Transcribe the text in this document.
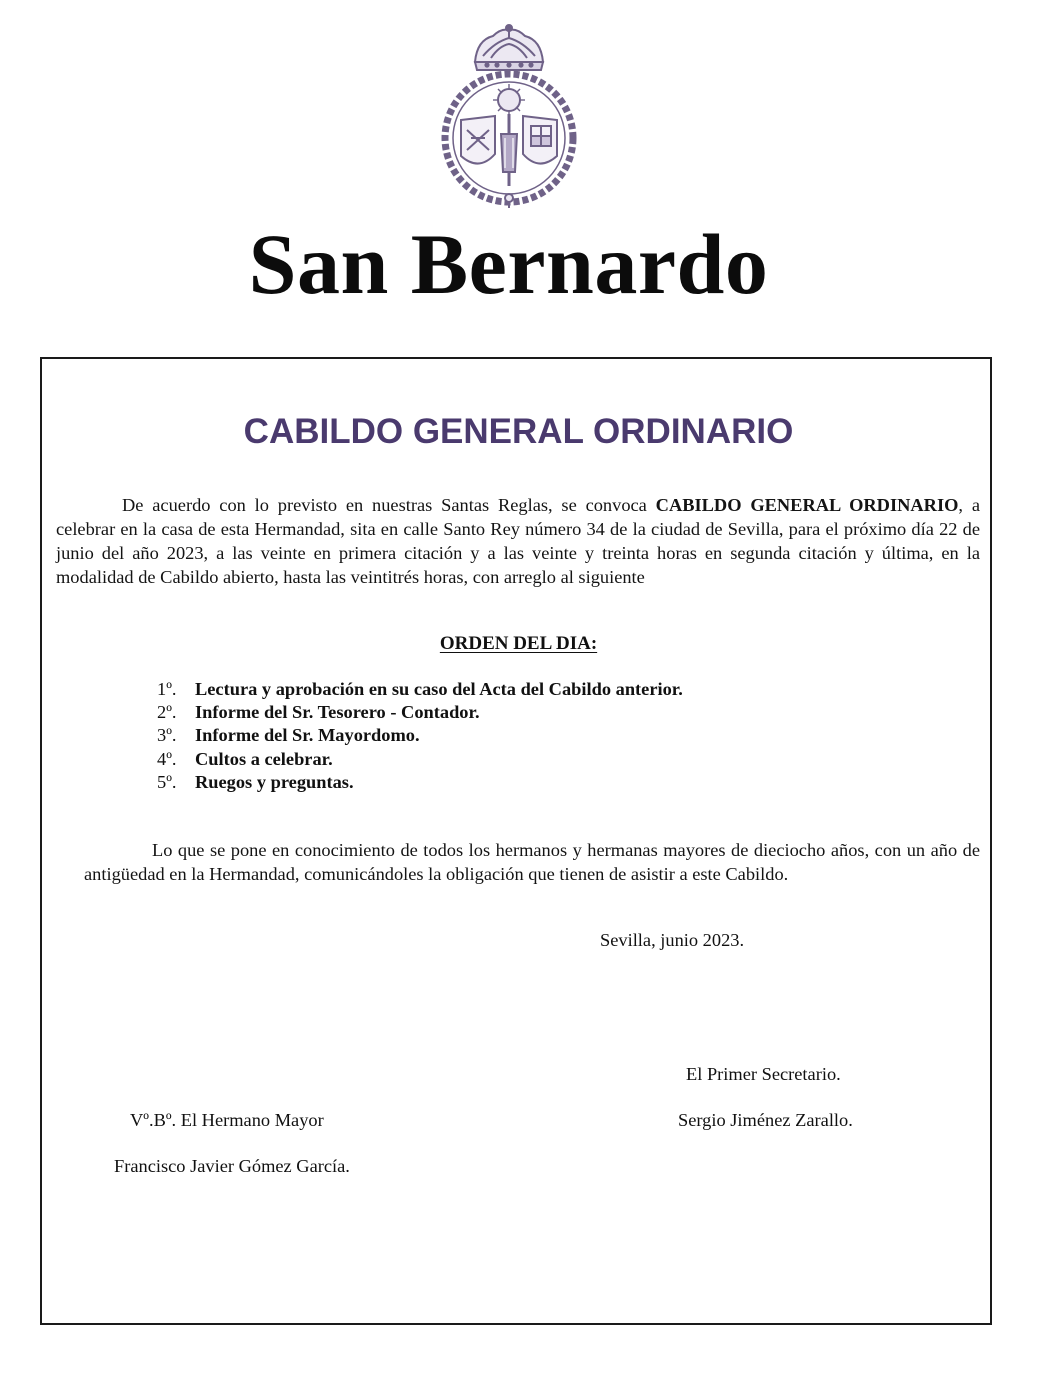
San Bernardo
CABILDO GENERAL ORDINARIO

De acuerdo con lo previsto en nuestras Santas Reglas, se convoca CABILDO GENERAL ORDINARIO, a celebrar en la casa de esta Hermandad, sita en calle Santo Rey número 34 de la ciudad de Sevilla, para el próximo día 22 de junio del año 2023, a las veinte en primera citación y a las veinte y treinta horas en segunda citación y última, en la modalidad de Cabildo abierto, hasta las veintitrés horas, con arreglo al siguiente

ORDEN DEL DIA:

1º.	Lectura y aprobación en su caso del Acta del Cabildo anterior.
2º.	Informe del Sr. Tesorero - Contador.
3º.	Informe del Sr. Mayordomo.
4º.	Cultos a celebrar.
5º.	Ruegos y preguntas.

Lo que se pone en conocimiento de todos los hermanos y hermanas mayores de dieciocho años, con un año de antigüedad en la Hermandad, comunicándoles la obligación que tienen de asistir a este Cabildo.

Sevilla, junio 2023.

El Primer Secretario.

Sergio Jiménez Zarallo.

Vº.Bº. El Hermano Mayor

Francisco Javier Gómez García.
